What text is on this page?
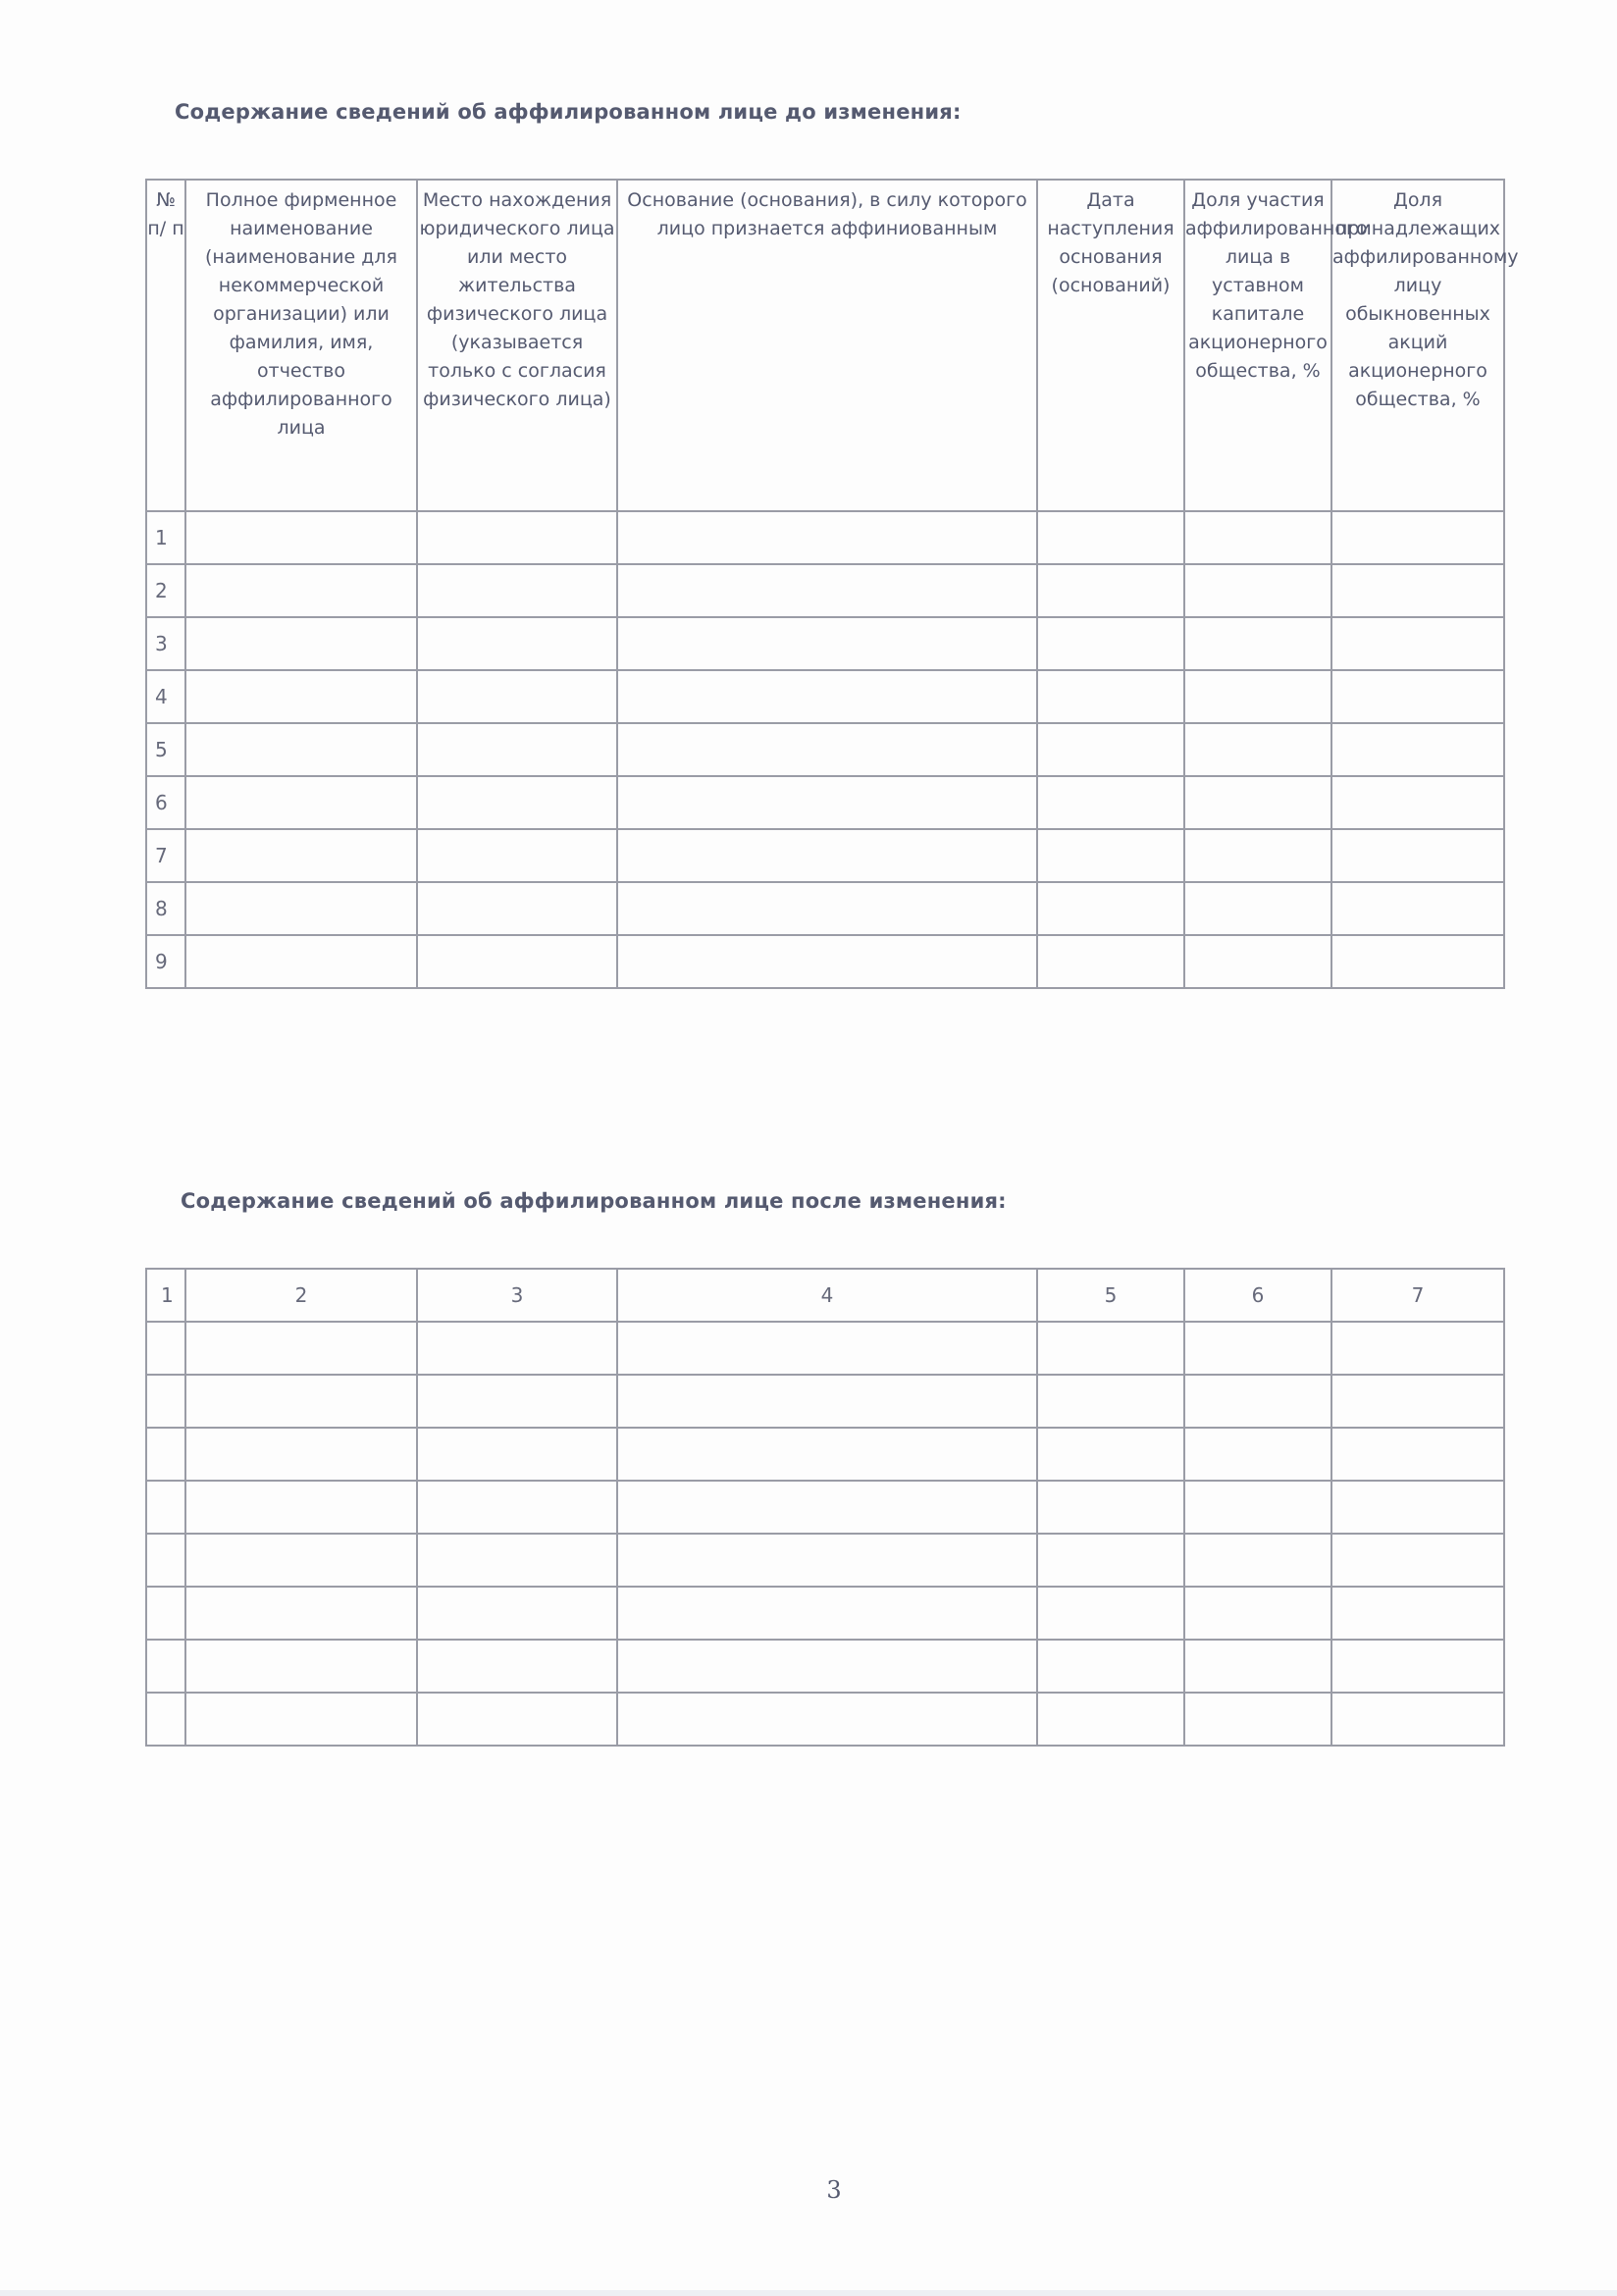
Содержание сведений об аффилированном лице до изменения:
№ п/ п	Полное фирменное наименование (наименование для некоммерческой организации) или фамилия, имя, отчество аффилированного лица	Место нахождения юридического лица или место жительства физического лица (указывается только с согласия физического лица)	Основание (основания), в силу которого лицо признается аффиниованным	Дата наступления основания (оснований)	Доля участия аффилированного лица в уставном капитале акционерного общества, %	Доля принадлежащих аффилированному лицу обыкновенных акций акционерного общества, %
1						
2						
3						
4						
5						
6						
7						
8						
9						
Содержание сведений об аффилированном лице после изменения:
1	2	3	4	5	6	7

3
